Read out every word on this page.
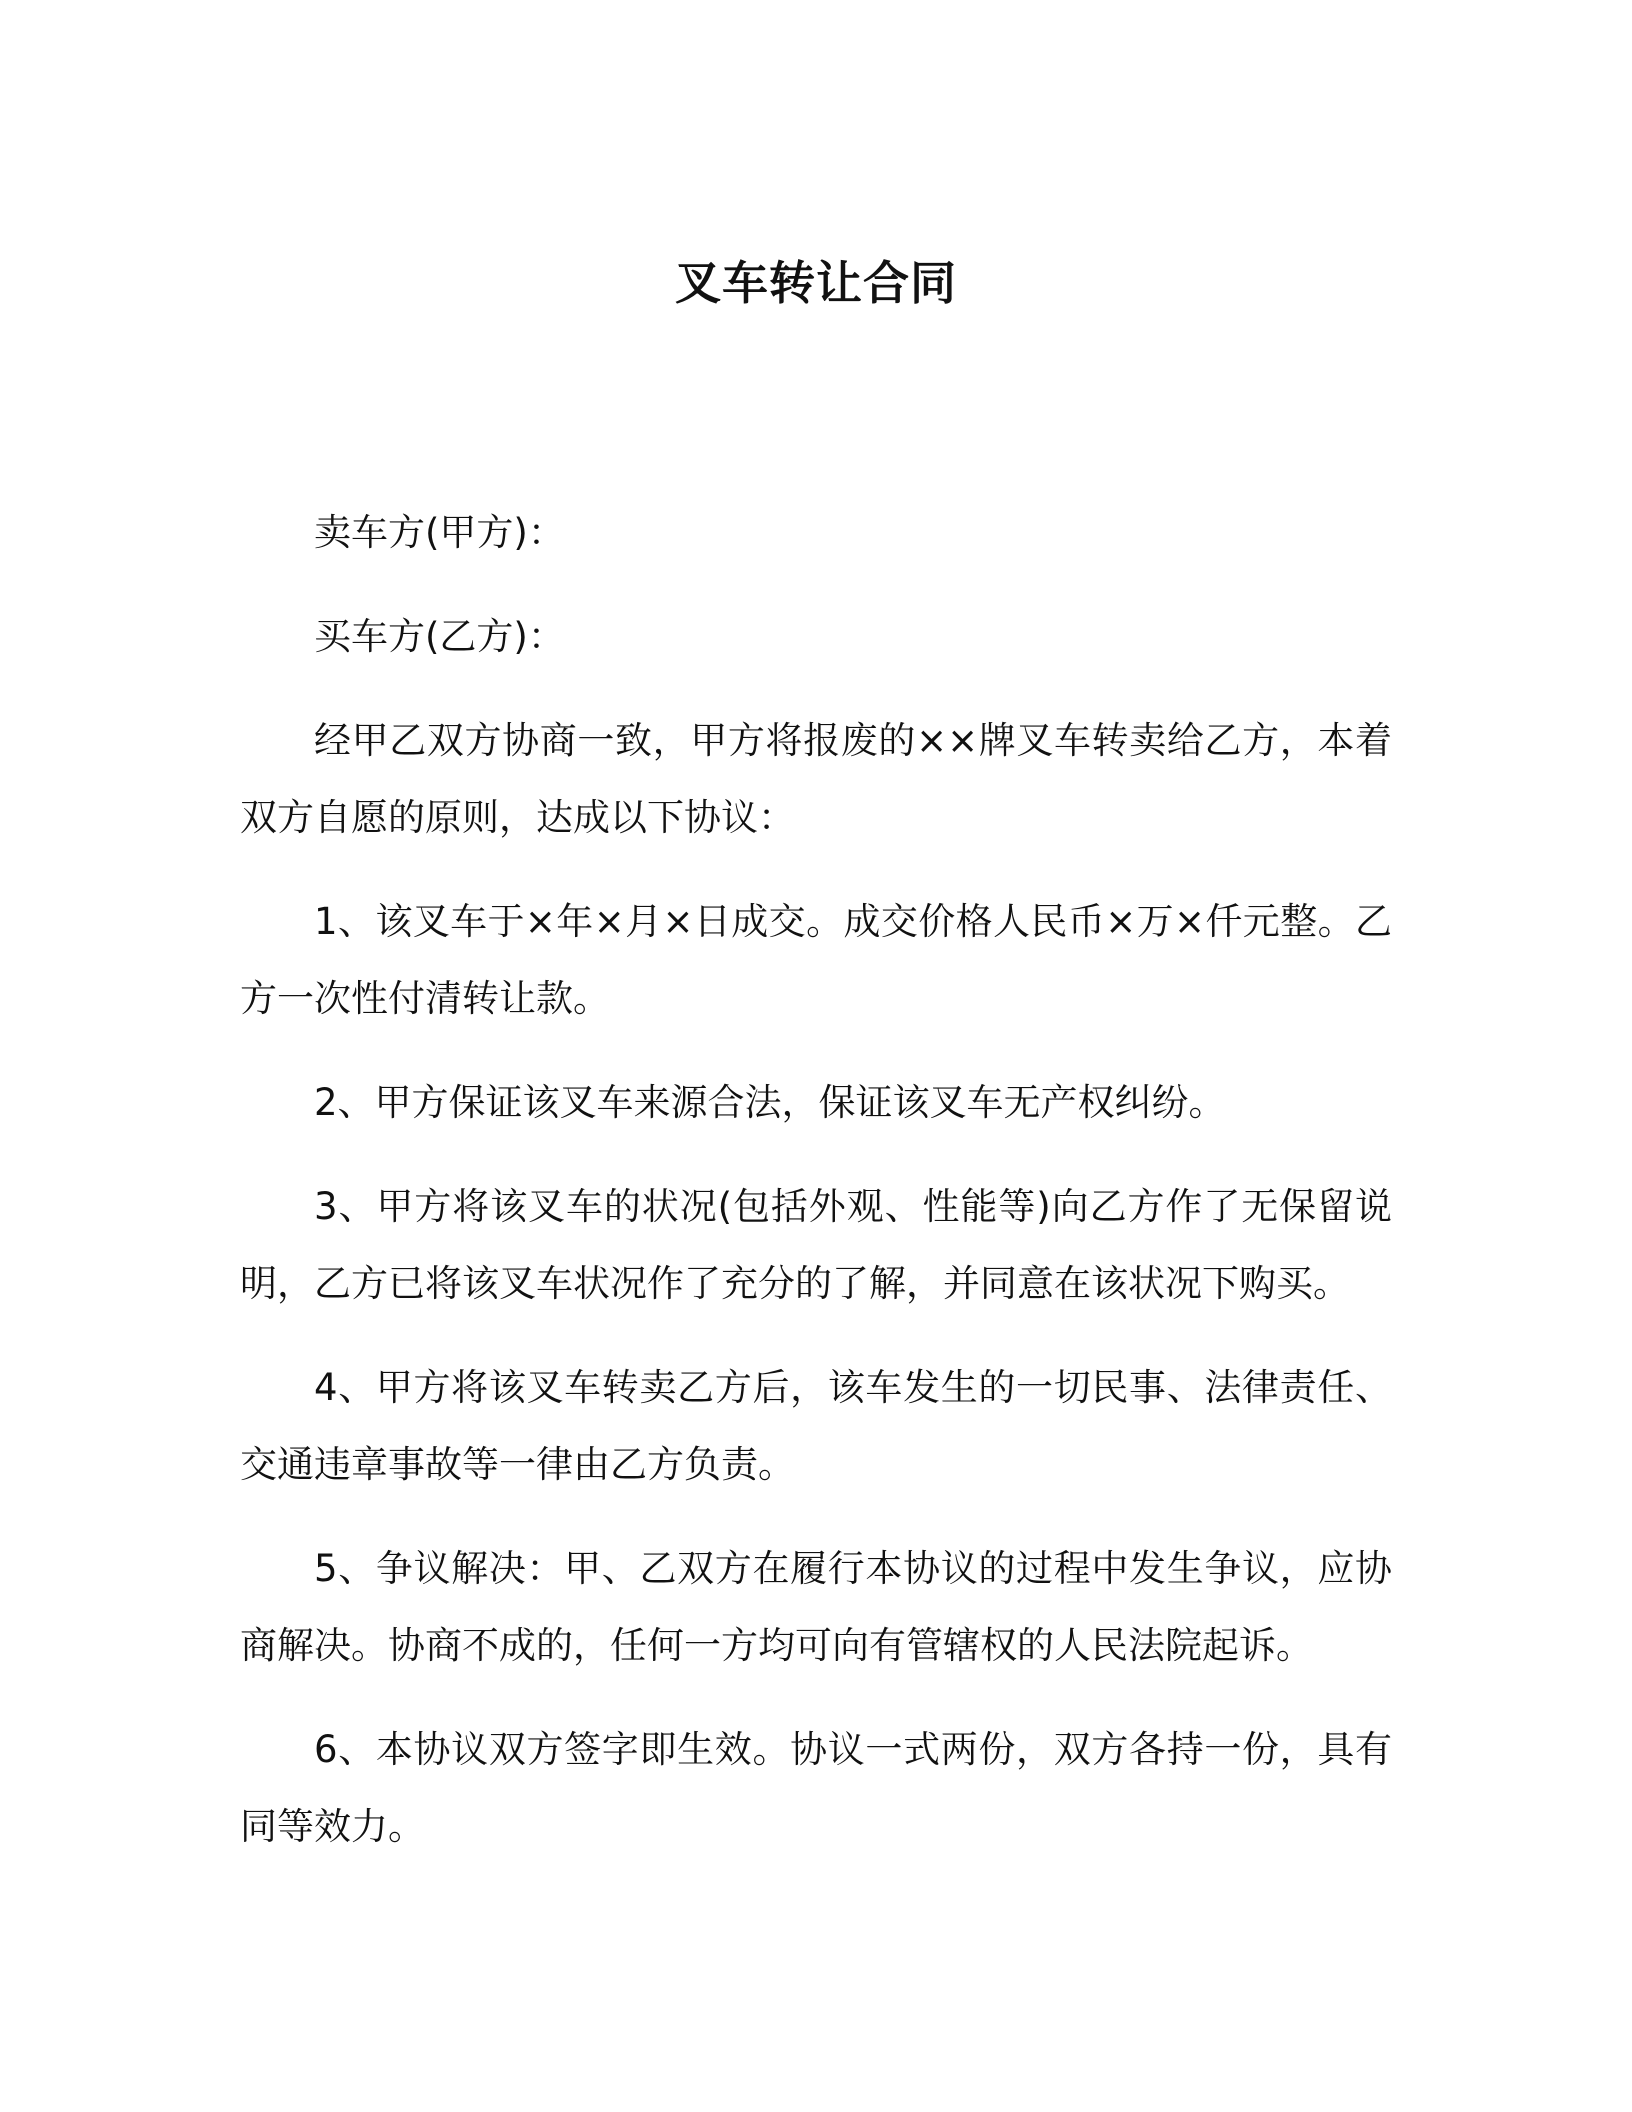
叉车转让合同

卖车方(甲方)：

买车方(乙方)：

经甲乙双方协商一致，甲方将报废的××牌叉车转卖给乙方，本着双方自愿的原则，达成以下协议：

1、该叉车于×年×月×日成交。成交价格人民币×万×仟元整。乙方一次性付清转让款。

2、甲方保证该叉车来源合法，保证该叉车无产权纠纷。

3、甲方将该叉车的状况(包括外观、性能等)向乙方作了无保留说明，乙方已将该叉车状况作了充分的了解，并同意在该状况下购买。

4、甲方将该叉车转卖乙方后，该车发生的一切民事、法律责任、交通违章事故等一律由乙方负责。

5、争议解决：甲、乙双方在履行本协议的过程中发生争议，应协商解决。协商不成的，任何一方均可向有管辖权的人民法院起诉。

6、本协议双方签字即生效。协议一式两份，双方各持一份，具有同等效力。
